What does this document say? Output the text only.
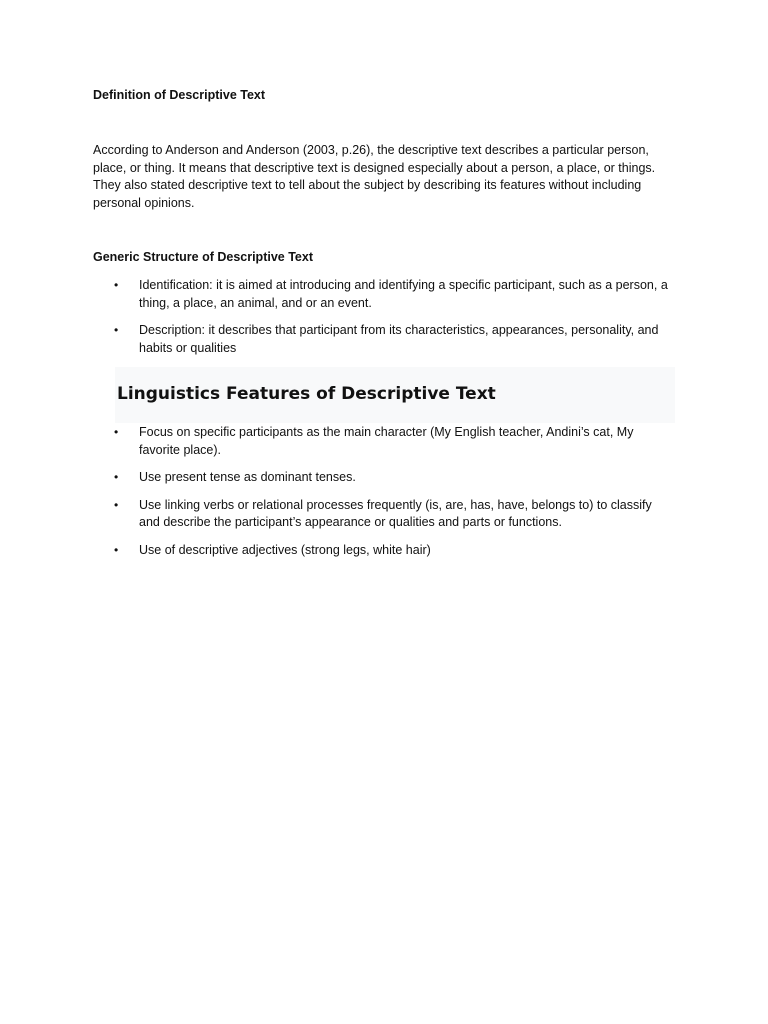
Definition of Descriptive Text

According to Anderson and Anderson (2003, p.26), the descriptive text describes a particular person, place, or thing. It means that descriptive text is designed especially about a person, a place, or things. They also stated descriptive text to tell about the subject by describing its features without including personal opinions.

Generic Structure of Descriptive Text

• Identification: it is aimed at introducing and identifying a specific participant, such as a person, a thing, a place, an animal, and or an event.
• Description: it describes that participant from its characteristics, appearances, personality, and habits or qualities
Linguistics Features of Descriptive Text
• Focus on specific participants as the main character (My English teacher, Andini’s cat, My favorite place).
• Use present tense as dominant tenses.
• Use linking verbs or relational processes frequently (is, are, has, have, belongs to) to classify and describe the participant’s appearance or qualities and parts or functions.
• Use of descriptive adjectives (strong legs, white hair)
